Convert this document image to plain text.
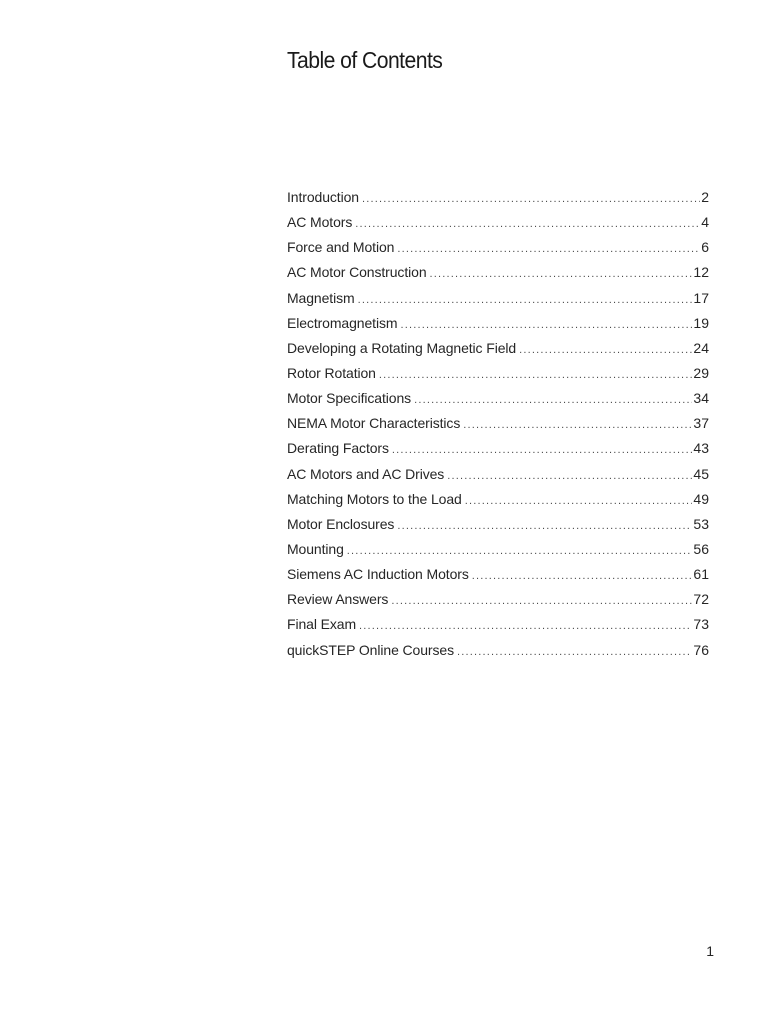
Table of Contents
Introduction .....	2
AC Motors .....	4
Force and Motion .....	6
AC Motor Construction .....	12
Magnetism .....	17
Electromagnetism .....	19
Developing a Rotating Magnetic Field .....	24
Rotor Rotation .....	29
Motor Specifications .....	34
NEMA Motor Characteristics .....	37
Derating Factors .....	43
AC Motors and AC Drives .....	45
Matching Motors to the Load .....	49
Motor Enclosures .....	53
Mounting .....	56
Siemens AC Induction Motors .....	61
Review Answers .....	72
Final Exam .....	73
quickSTEP Online Courses .....	76
1
